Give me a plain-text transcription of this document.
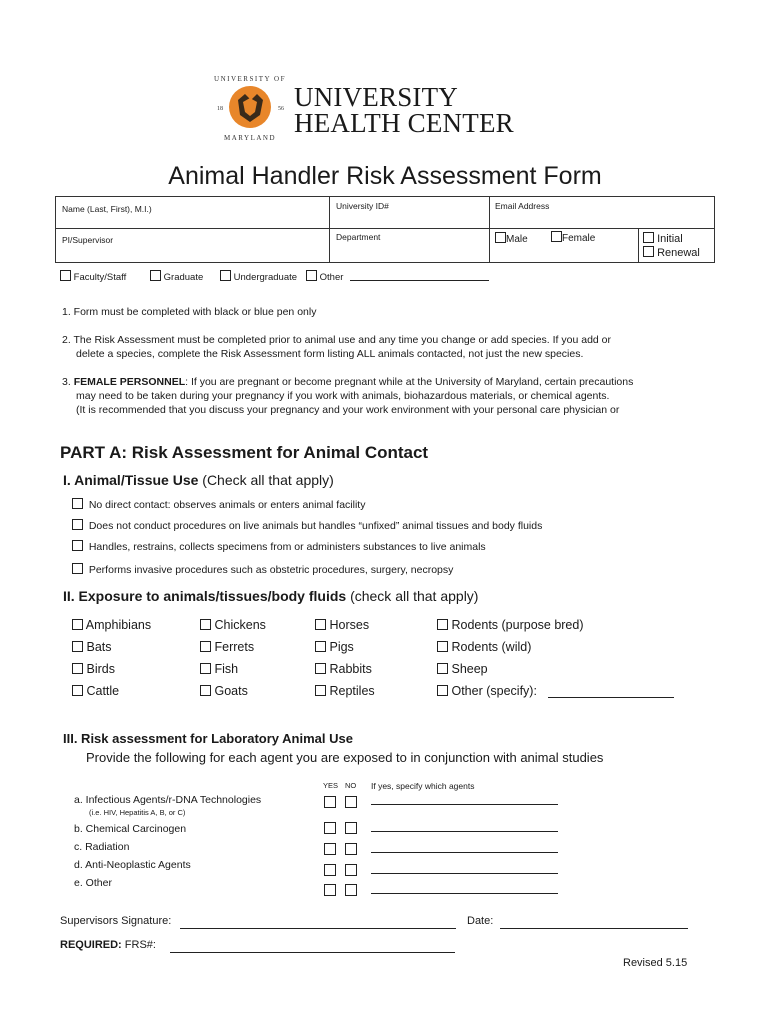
UNIVERSITY OF
MARYLAND
18	56 UNIVERSITY
HEALTH CENTER
Animal Handler Risk Assessment Form
Name (Last, First), M.I.)	University ID#	Email Address
PI/Supervisor	Department	Male	Female	Initial
Renewal
Faculty/Staff	Graduate	Undergraduate	Other
1. Form must be completed with black or blue pen only
2. The Risk Assessment must be completed prior to animal use and any time you change or add species. If you add or
delete a species, complete the Risk Assessment form listing ALL animals contacted, not just the new species.
3. FEMALE PERSONNEL: If you are pregnant or become pregnant while at the University of Maryland, certain precautions
may need to be taken during your pregnancy if you work with animals, biohazardous materials, or chemical agents.
(It is recommended that you discuss your pregnancy and your work environment with your personal care physician or
PART A: Risk Assessment for Animal Contact
I. Animal/Tissue Use (Check all that apply)
No direct contact: observes animals or enters animal facility
Does not conduct procedures on live animals but handles “unfixed” animal tissues and body fluids
Handles, restrains, collects specimens from or administers substances to live animals
Performs invasive procedures such as obstetric procedures, surgery, necropsy
II. Exposure to animals/tissues/body fluids (check all that apply)
Amphibians	Chickens	Horses	Rodents (purpose bred)
Bats	Ferrets	Pigs	Rodents (wild)
Birds	Fish	Rabbits	Sheep
Cattle	Goats	Reptiles	Other (specify):
III. Risk assessment for Laboratory Animal Use
Provide the following for each agent you are exposed to in conjunction with animal studies
YES NO If yes, specify which agents
a. Infectious Agents/r-DNA Technologies
(i.e. HIV, Hepatitis A, B, or C)
b. Chemical Carcinogen
c. Radiation
d. Anti-Neoplastic Agents
e. Other
Supervisors Signature:	Date:
REQUIRED: FRS#:
Revised 5.15
